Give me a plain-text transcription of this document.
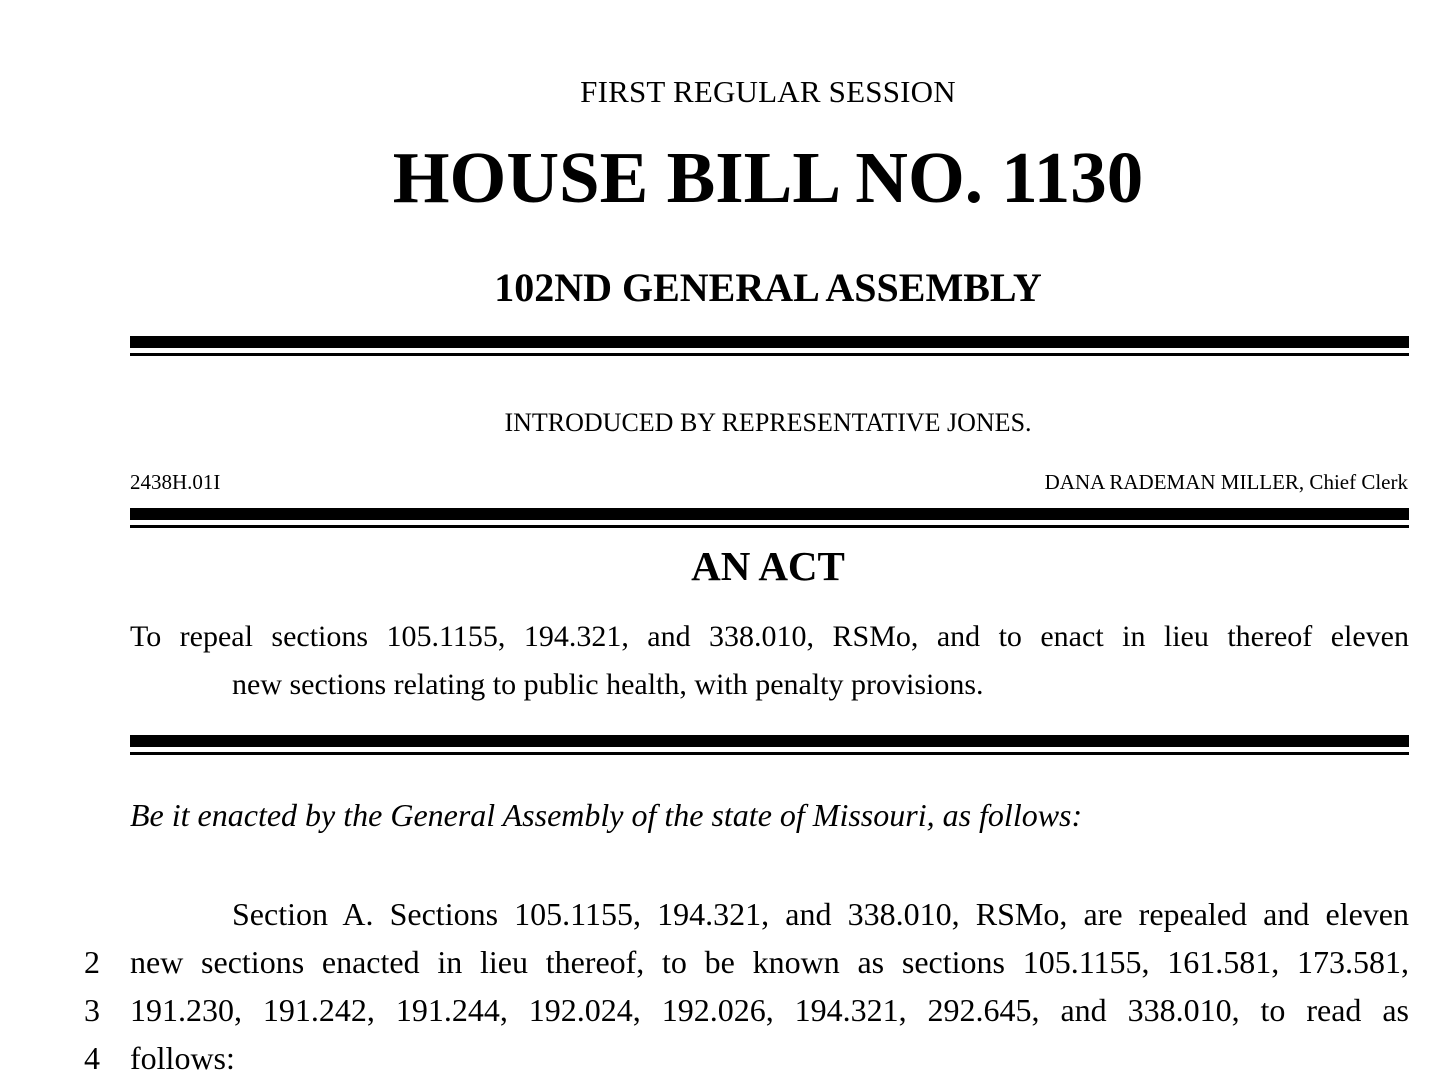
FIRST REGULAR SESSION
HOUSE BILL NO. 1130
102ND GENERAL ASSEMBLY
INTRODUCED BY REPRESENTATIVE JONES.
2438H.01I	DANA RADEMAN MILLER, Chief Clerk
AN ACT
To repeal sections 105.1155, 194.321, and 338.010, RSMo, and to enact in lieu thereof eleven
new sections relating to public health, with penalty provisions.
Be it enacted by the General Assembly of the state of Missouri, as follows:
Section A. Sections 105.1155, 194.321, and 338.010, RSMo, are repealed and eleven
2 new sections enacted in lieu thereof, to be known as sections 105.1155, 161.581, 173.581,
3 191.230, 191.242, 191.244, 192.024, 192.026, 194.321, 292.645, and 338.010, to read as
4 follows:
